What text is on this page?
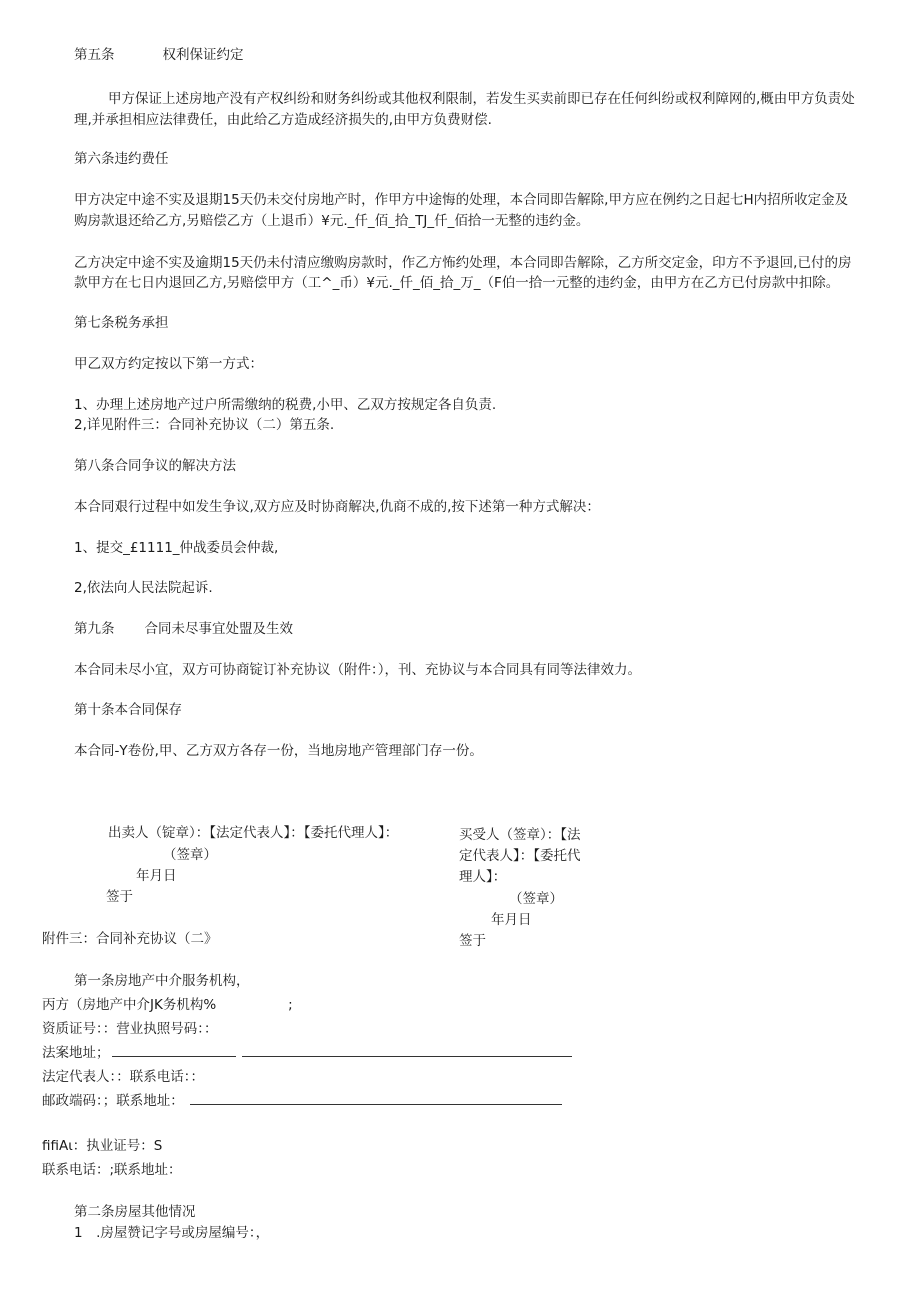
第五条	权利保证约定
甲方保证上述房地产没有产权纠纷和财务纠纷或其他权利限制，若发生买卖前即已存在任何纠纷或权利障网的,概由甲方负责处
理,并承担相应法律费任，由此给乙方造成经济损失的,由甲方负费财偿.
第六条违约费任
甲方决定中途不实及退期15天仍未交付房地产时，作甲方中途悔的处理，本合同即告解除,甲方应在例约之日起七H内招所收定金及
购房款退还给乙方,另赔偿乙方（上退币）¥元._仟_佰_拾_TJ_仟_佰拾一无整的违约金。
乙方决定中途不实及逾期15天仍未付清应缴购房款时，作乙方怖约处理，本合同即告解除，乙方所交定金，印方不予退回,已付的房
款甲方在七日内退回乙方,另赔偿甲方（工^_币）¥元._仟_佰_拾_万_（F伯一拾一元整的违约金，由甲方在乙方已付房款中扣除。
第七条税务承担
甲乙双方约定按以下第一方式：
1、办理上述房地产过户所需缴纳的税费,小甲、乙双方按规定各自负责.
2,详见附件三：合同补充协议（二）第五条.
第八条合同争议的解决方法
本合同艰行过程中如发生争议,双方应及时协商解决,仇商不成的,按下述第一种方式解决：
1、提交_£1111_仲战委员会仲裁,
2,依法向人民法院起诉.
第九条 合同未尽事宜处盟及生效
本合同未尽小宜，双方可协商锭订补充协议（附件：），刊、充协议与本合同具有同等法律效力。
第十条本合同保存
本合同-Y卷份,甲、乙方双方各存一份，当地房地产管理部门存一份。
出卖人（锭章）：【法定代表人】：【委托代理人】：
（签章）
年月日
签于
买受人（签章）：【法
定代表人】：【委托代
理人】：
（签章）
年月日
签于
附件三：合同补充协议（二》
第一条房地产中介服务机构，
丙方（房地产中介JK务机构%	;
资质证号：：营业执照号码：：
法案地址；
法定代表人：：联系电话：：
邮政端码：；联系地址：
fifiAι：执业证号：S
联系电话：;联系地址：
第二条房屋其他情况
1　.房屋赞记字号或房屋编号：，
